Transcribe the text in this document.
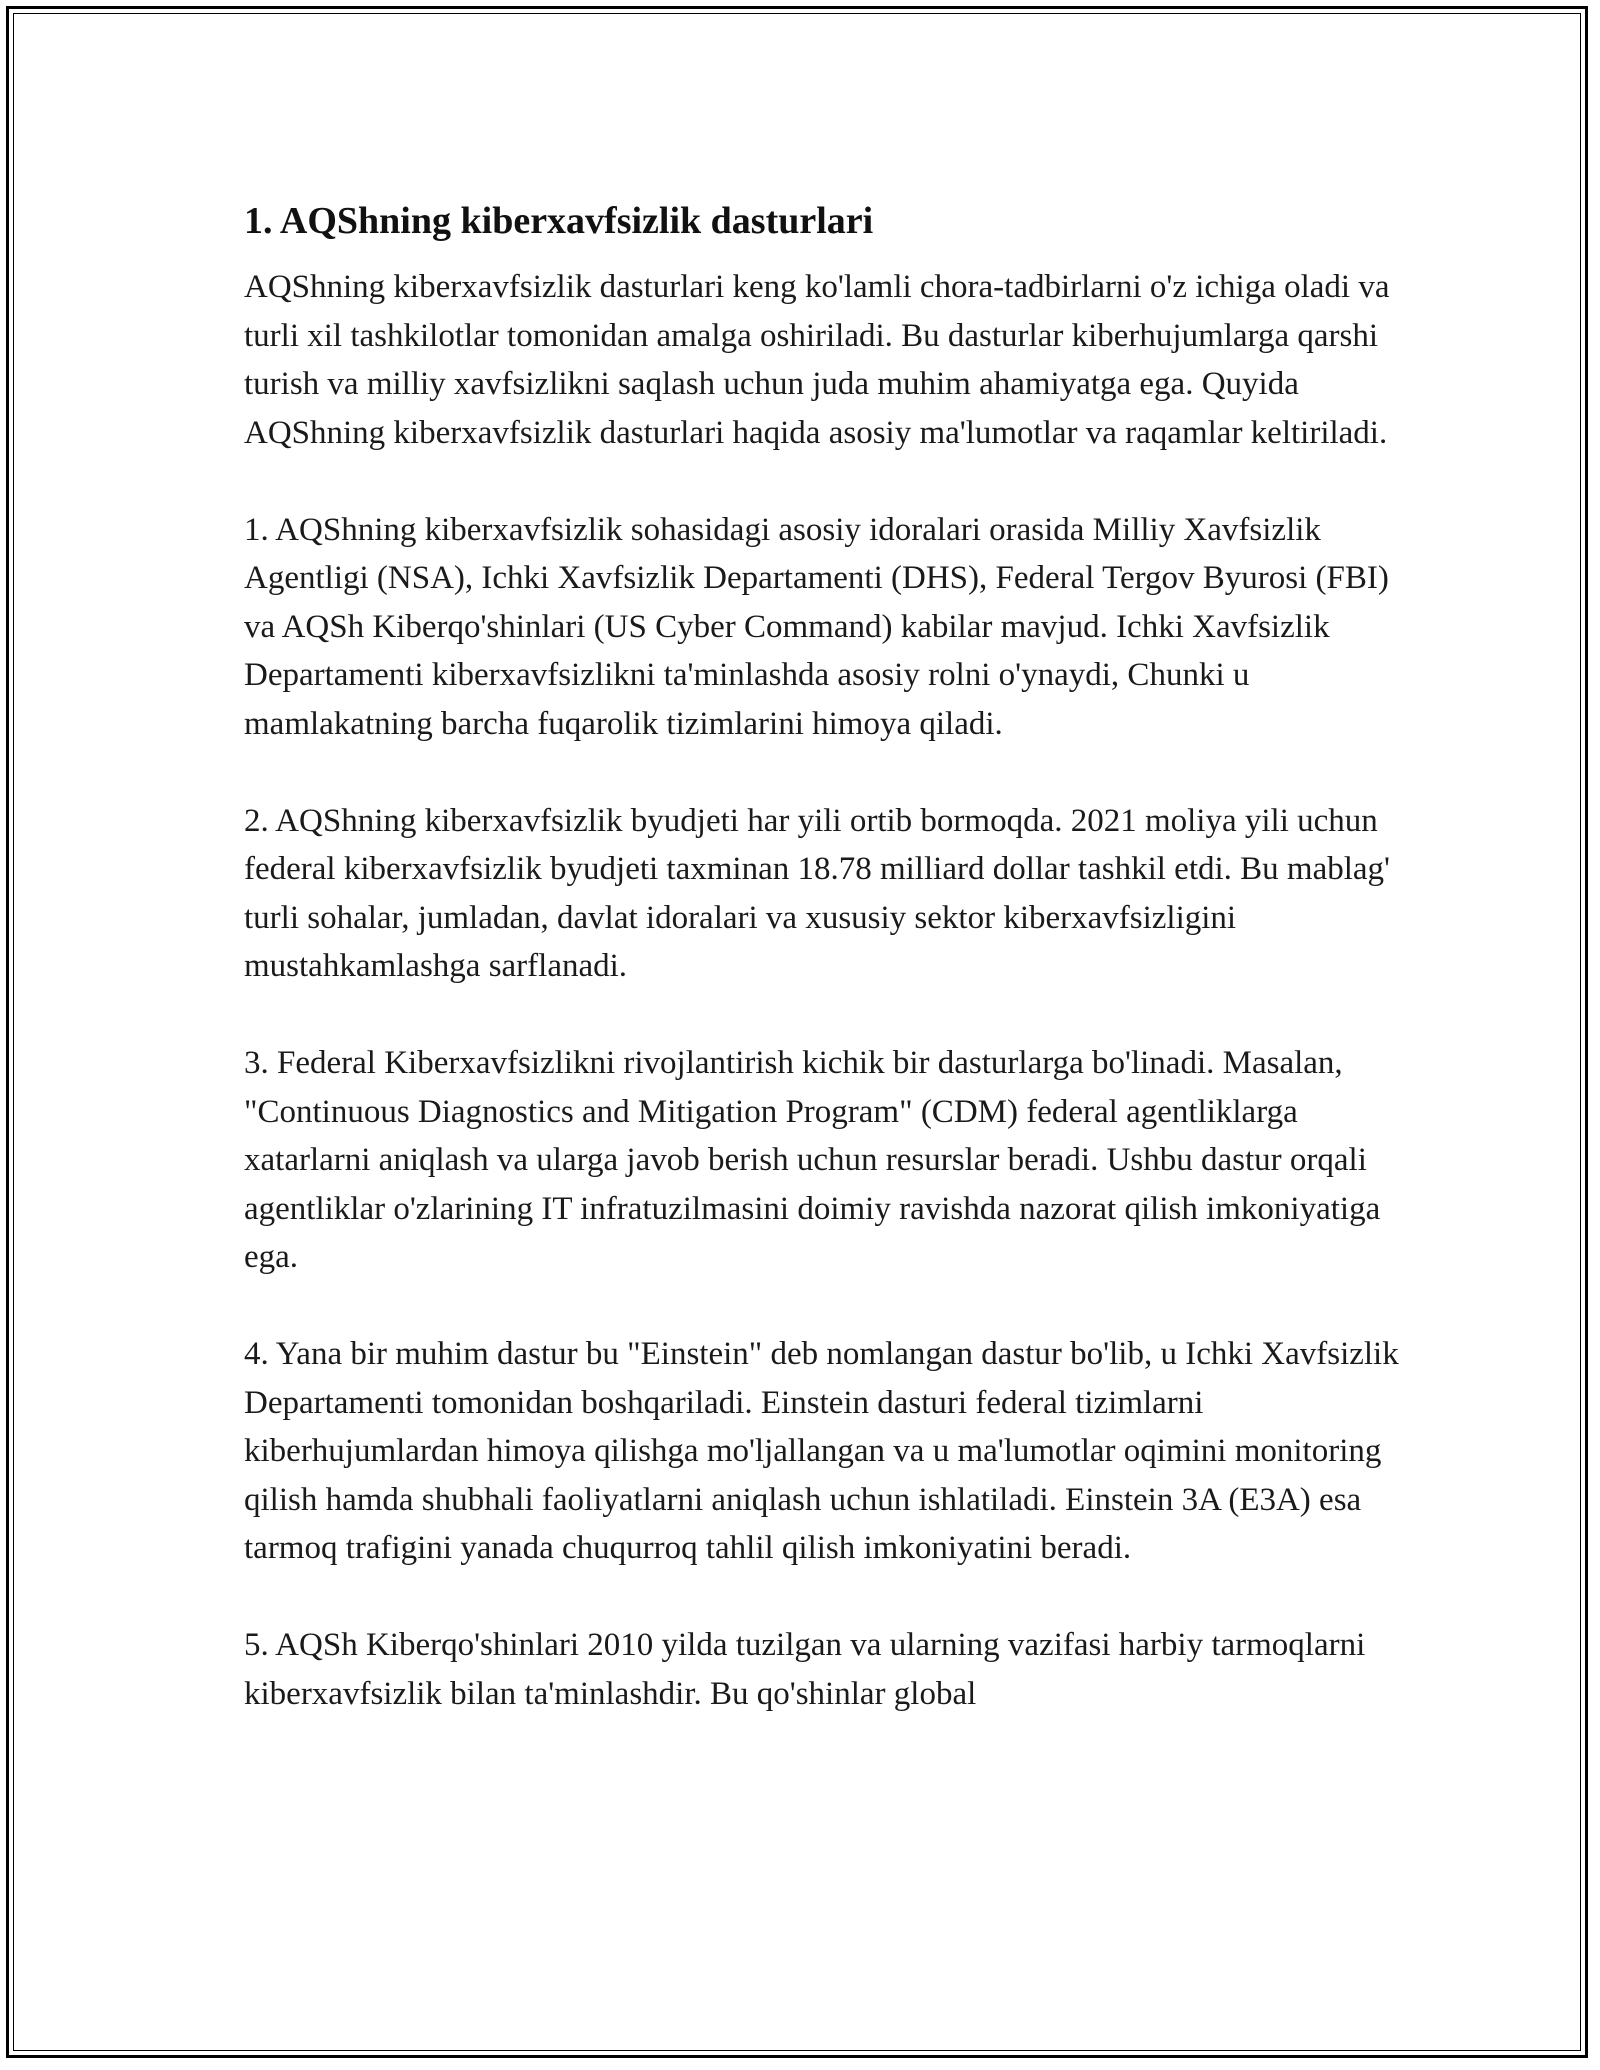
1. AQShning kiberxavfsizlik dasturlari

AQShning kiberxavfsizlik dasturlari keng ko'lamli chora-tadbirlarni o'z ichiga oladi va turli xil tashkilotlar tomonidan amalga oshiriladi. Bu dasturlar kiberhujumlarga qarshi turish va milliy xavfsizlikni saqlash uchun juda muhim ahamiyatga ega. Quyida AQShning kiberxavfsizlik dasturlari haqida asosiy ma'lumotlar va raqamlar keltiriladi.

1. AQShning kiberxavfsizlik sohasidagi asosiy idoralari orasida Milliy Xavfsizlik Agentligi (NSA), Ichki Xavfsizlik Departamenti (DHS), Federal Tergov Byurosi (FBI) va AQSh Kiberqo'shinlari (US Cyber Command) kabilar mavjud. Ichki Xavfsizlik Departamenti kiberxavfsizlikni ta'minlashda asosiy rolni o'ynaydi, Chunki u mamlakatning barcha fuqarolik tizimlarini himoya qiladi.

2. AQShning kiberxavfsizlik byudjeti har yili ortib bormoqda. 2021 moliya yili uchun federal kiberxavfsizlik byudjeti taxminan 18.78 milliard dollar tashkil etdi. Bu mablag' turli sohalar, jumladan, davlat idoralari va xususiy sektor kiberxavfsizligini mustahkamlashga sarflanadi.

3. Federal Kiberxavfsizlikni rivojlantirish kichik bir dasturlarga bo'linadi. Masalan, "Continuous Diagnostics and Mitigation Program" (CDM) federal agentliklarga xatarlarni aniqlash va ularga javob berish uchun resurslar beradi. Ushbu dastur orqali agentliklar o'zlarining IT infratuzilmasini doimiy ravishda nazorat qilish imkoniyatiga ega.

4. Yana bir muhim dastur bu "Einstein" deb nomlangan dastur bo'lib, u Ichki Xavfsizlik Departamenti tomonidan boshqariladi. Einstein dasturi federal tizimlarni kiberhujumlardan himoya qilishga mo'ljallangan va u ma'lumotlar oqimini monitoring qilish hamda shubhali faoliyatlarni aniqlash uchun ishlatiladi. Einstein 3A (E3A) esa tarmoq trafigini yanada chuqurroq tahlil qilish imkoniyatini beradi.

5. AQSh Kiberqo'shinlari 2010 yilda tuzilgan va ularning vazifasi harbiy tarmoqlarni kiberxavfsizlik bilan ta'minlashdir. Bu qo'shinlar global
